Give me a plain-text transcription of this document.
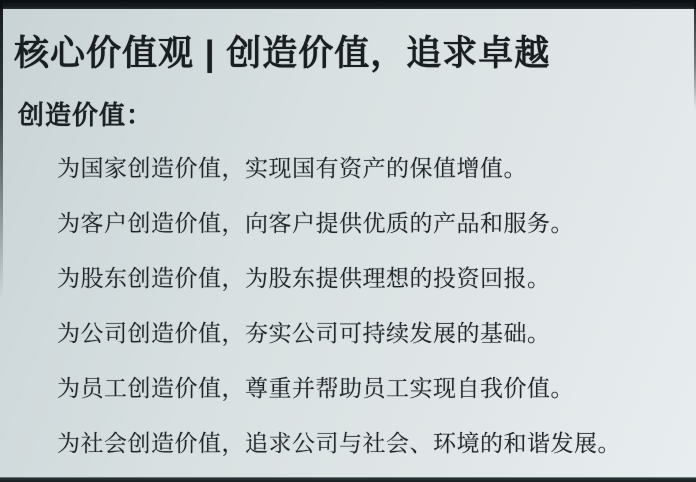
核心价值观 | 创造价值，追求卓越
创造价值：
为国家创造价值，实现国有资产的保值增值。
为客户创造价值，向客户提供优质的产品和服务。
为股东创造价值，为股东提供理想的投资回报。
为公司创造价值，夯实公司可持续发展的基础。
为员工创造价值，尊重并帮助员工实现自我价值。
为社会创造价值，追求公司与社会、环境的和谐发展。
